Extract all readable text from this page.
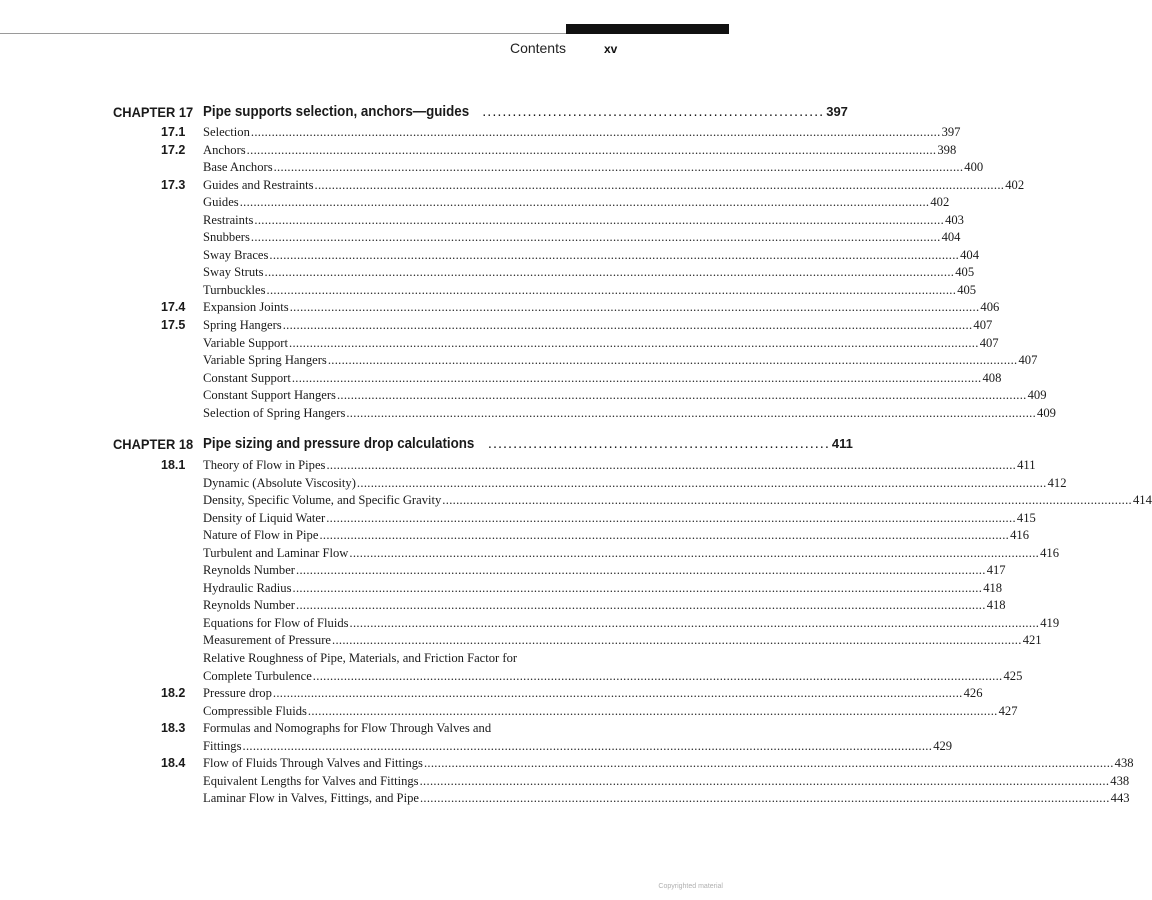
Contents	xv
CHAPTER 17 Pipe supports selection, anchors—guides .................................................................... 397
17.1	Selection ........................................................................................................................................................................................................ 397
17.2	Anchors ........................................................................................................................................................................................................ 398
Base Anchors ........................................................................................................................................................................................................ 400
17.3	Guides and Restraints ........................................................................................................................................................................................................ 402
Guides ........................................................................................................................................................................................................ 402
Restraints ........................................................................................................................................................................................................ 403
Snubbers ........................................................................................................................................................................................................ 404
Sway Braces ........................................................................................................................................................................................................ 404
Sway Struts ........................................................................................................................................................................................................ 405
Turnbuckles ........................................................................................................................................................................................................ 405
17.4	Expansion Joints ........................................................................................................................................................................................................ 406
17.5	Spring Hangers ........................................................................................................................................................................................................ 407
Variable Support ........................................................................................................................................................................................................ 407
Variable Spring Hangers ........................................................................................................................................................................................................ 407
Constant Support ........................................................................................................................................................................................................ 408
Constant Support Hangers ........................................................................................................................................................................................................ 409
Selection of Spring Hangers ........................................................................................................................................................................................................ 409
CHAPTER 18 Pipe sizing and pressure drop calculations .................................................................... 411
18.1	Theory of Flow in Pipes ........................................................................................................................................................................................................ 411
Dynamic (Absolute Viscosity) ........................................................................................................................................................................................................ 412
Density, Specific Volume, and Specific Gravity ........................................................................................................................................................................................................ 414
Density of Liquid Water ........................................................................................................................................................................................................ 415
Nature of Flow in Pipe ........................................................................................................................................................................................................ 416
Turbulent and Laminar Flow ........................................................................................................................................................................................................ 416
Reynolds Number ........................................................................................................................................................................................................ 417
Hydraulic Radius ........................................................................................................................................................................................................ 418
Reynolds Number ........................................................................................................................................................................................................ 418
Equations for Flow of Fluids ........................................................................................................................................................................................................ 419
Measurement of Pressure ........................................................................................................................................................................................................ 421
Relative Roughness of Pipe, Materials, and Friction Factor for
Complete Turbulence ........................................................................................................................................................................................................ 425
18.2	Pressure drop ........................................................................................................................................................................................................ 426
Compressible Fluids ........................................................................................................................................................................................................ 427
18.3	Formulas and Nomographs for Flow Through Valves and
Fittings ........................................................................................................................................................................................................ 429
18.4	Flow of Fluids Through Valves and Fittings ........................................................................................................................................................................................................ 438
Equivalent Lengths for Valves and Fittings ........................................................................................................................................................................................................ 438
Laminar Flow in Valves, Fittings, and Pipe ........................................................................................................................................................................................................ 443
Copyrighted material
